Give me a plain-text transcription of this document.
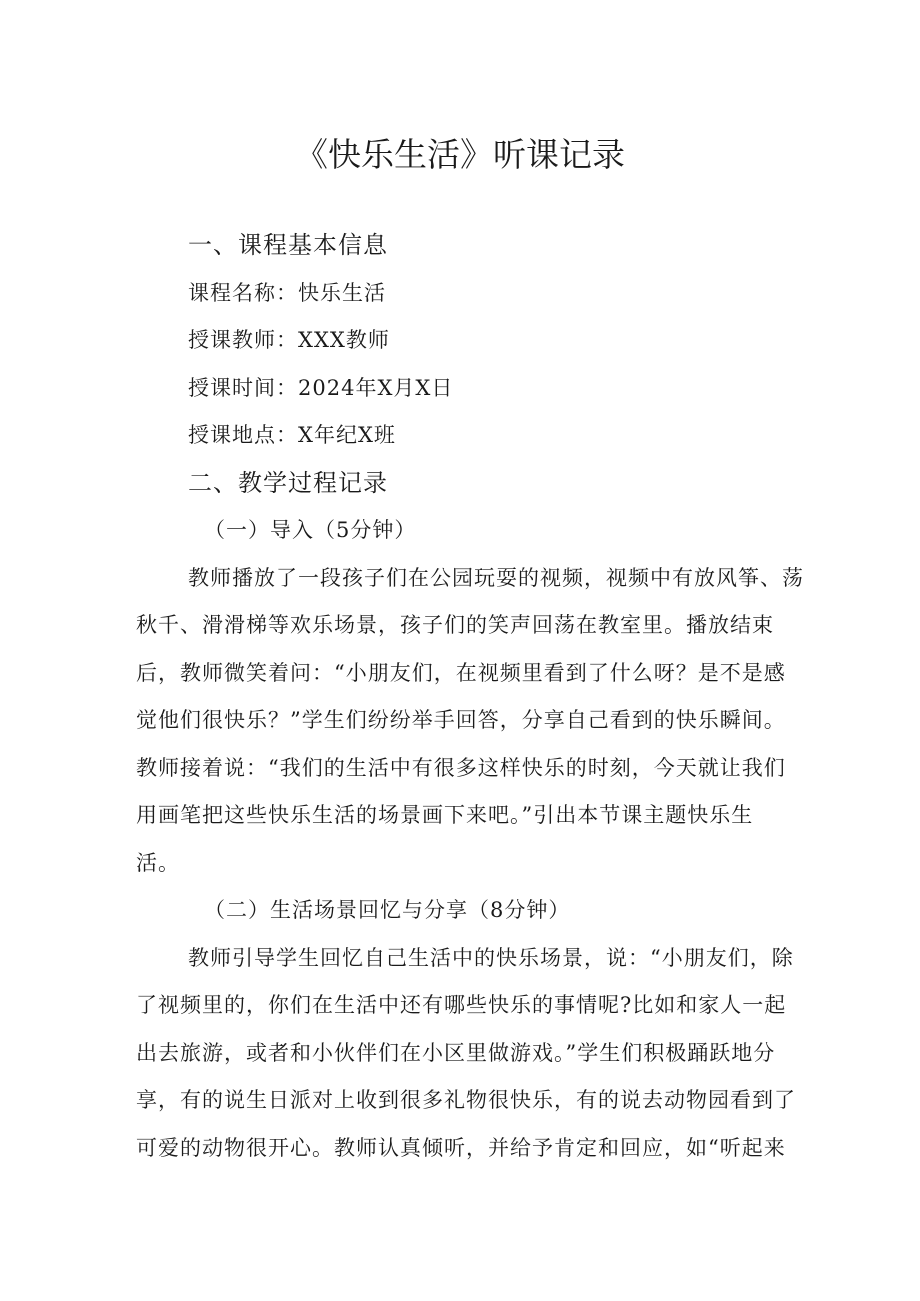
《快乐生活》听课记录
一、课程基本信息
课程名称：快乐生活
授课教师：XXX教师
授课时间：2024年X月X日
授课地点：X年纪X班
二、教学过程记录
（一）导入（5分钟）
教师播放了一段孩子们在公园玩耍的视频，视频中有放风筝、荡
秋千、滑滑梯等欢乐场景，孩子们的笑声回荡在教室里。播放结束
后，教师微笑着问：“小朋友们，在视频里看到了什么呀？是不是感
觉他们很快乐？”学生们纷纷举手回答，分享自己看到的快乐瞬间。
教师接着说：“我们的生活中有很多这样快乐的时刻，今天就让我们
用画笔把这些快乐生活的场景画下来吧。”引出本节课主题快乐生
活。
（二）生活场景回忆与分享（8分钟）
教师引导学生回忆自己生活中的快乐场景，说：“小朋友们，除
了视频里的，你们在生活中还有哪些快乐的事情呢?比如和家人一起
出去旅游，或者和小伙伴们在小区里做游戏。”学生们积极踊跃地分
享，有的说生日派对上收到很多礼物很快乐，有的说去动物园看到了
可爱的动物很开心。教师认真倾听，并给予肯定和回应，如“听起来
